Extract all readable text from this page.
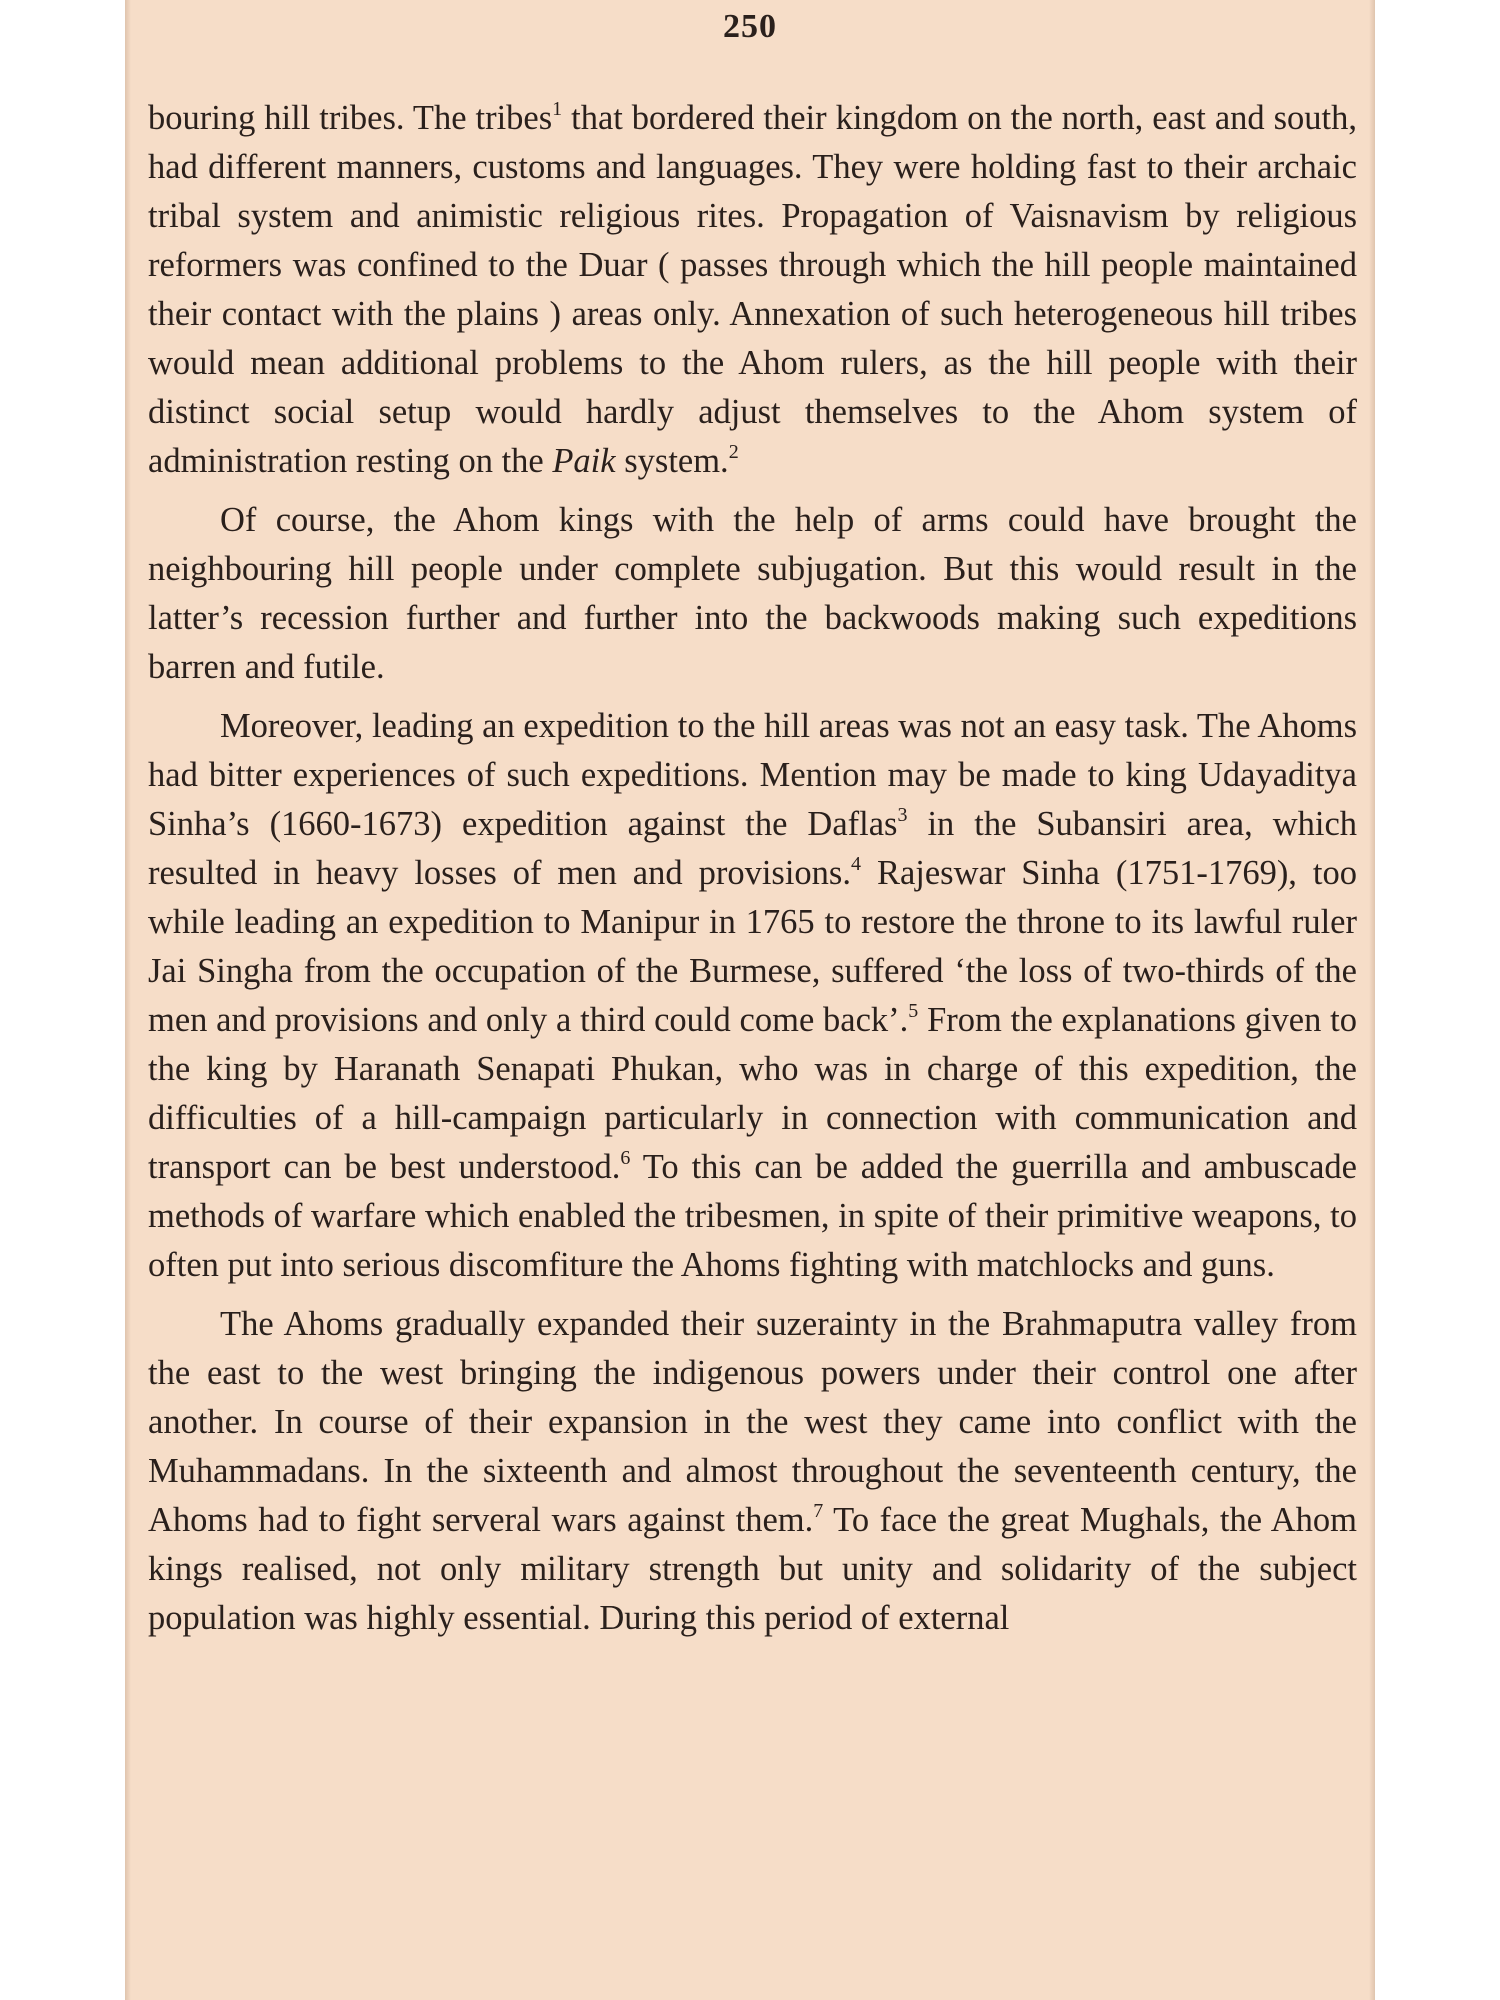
250

bouring hill tribes. The tribes$^1$ that bordered their kingdom on the north, east and south, had different manners, customs and languages. They were holding fast to their archaic tribal system and animistic religious rites. Propagation of Vaisnavism by religious reformers was confined to the Duar ( passes through which the hill people maintained their contact with the plains ) areas only. Annexation of such heterogeneous hill tribes would mean additional problems to the Ahom rulers, as the hill people with their distinct social setup would hardly adjust themselves to the Ahom system of administration resting on the Paik system.$^2$

Of course, the Ahom kings with the help of arms could have brought the neighbouring hill people under complete subjugation. But this would result in the latter’s recession further and further into the backwoods making such expeditions barren and futile.

Moreover, leading an expedition to the hill areas was not an easy task. The Ahoms had bitter experiences of such expeditions. Mention may be made to king Udayaditya Sinha’s (1660-1673) expedition against the Daflas$^3$ in the Subansiri area, which resulted in heavy losses of men and provisions.$^4$ Rajeswar Sinha (1751-1769), too while leading an expedition to Manipur in 1765 to restore the throne to its lawful ruler Jai Singha from the occupation of the Burmese, suffered ‘the loss of two-thirds of the men and provisions and only a third could come back’.$^5$ From the explanations given to the king by Haranath Senapati Phukan, who was in charge of this expedition, the difficulties of a hill-campaign particularly in connection with communication and transport can be best understood.$^6$ To this can be added the guerrilla and ambuscade methods of warfare which enabled the tribesmen, in spite of their primitive weapons, to often put into serious discomfiture the Ahoms fighting with matchlocks and guns.

The Ahoms gradually expanded their suzerainty in the Brahmaputra valley from the east to the west bringing the indigenous powers under their control one after another. In course of their expansion in the west they came into conflict with the Muhammadans. In the sixteenth and almost throughout the seventeenth century, the Ahoms had to fight serveral wars against them.$^7$ To face the great Mughals, the Ahom kings realised, not only military strength but unity and solidarity of the subject population was highly essential. During this period of external
